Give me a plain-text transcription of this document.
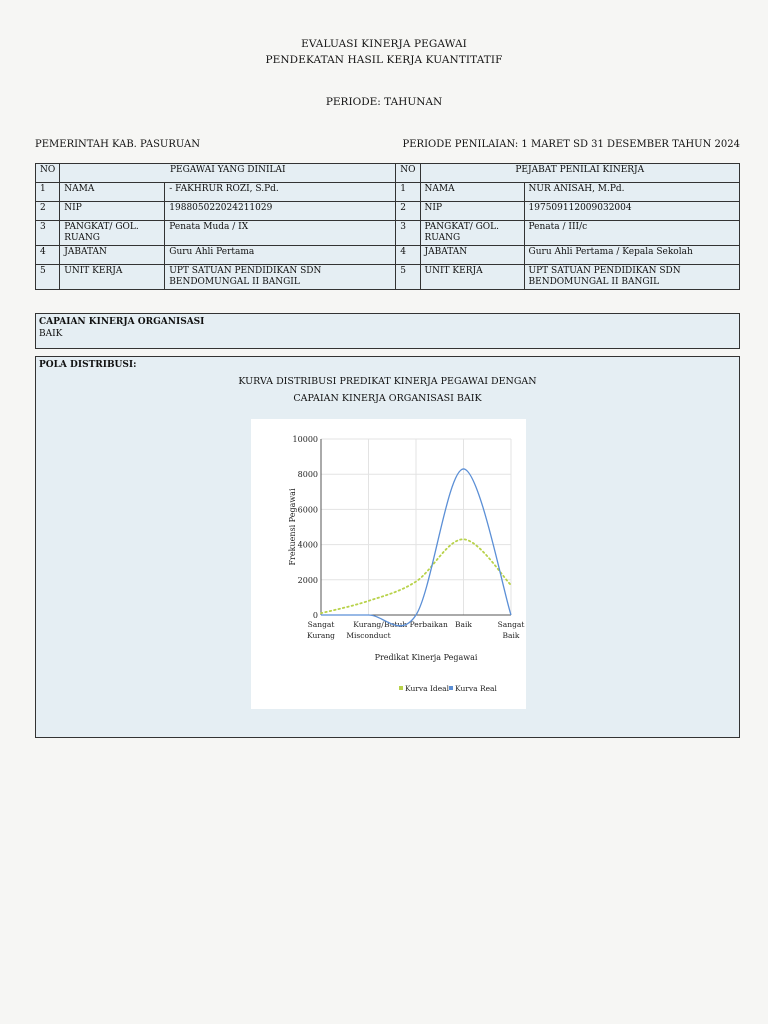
EVALUASI KINERJA PEGAWAI
PENDEKATAN HASIL KERJA KUANTITATIF
PERIODE: TAHUNAN
PEMERINTAH KAB. PASURUAN	PERIODE PENILAIAN: 1 MARET SD 31 DESEMBER TAHUN 2024
NO	PEGAWAI YANG DINILAI		NO	PEJABAT PENILAI KINERJA	
1	NAMA	- FAKHRUR ROZI, S.Pd.	1	NAMA	NUR ANISAH, M.Pd.
2	NIP	198805022024211029	2	NIP	197509112009032004
3	PANGKAT/ GOL. RUANG	Penata Muda / IX	3	PANGKAT/ GOL. RUANG	Penata / III/c
4	JABATAN	Guru Ahli Pertama	4	JABATAN	Guru Ahli Pertama / Kepala Sekolah
5	UNIT KERJA	UPT SATUAN PENDIDIKAN SDN BENDOMUNGAL II BANGIL	5	UNIT KERJA	UPT SATUAN PENDIDIKAN SDN BENDOMUNGAL II BANGIL
CAPAIAN KINERJA ORGANISASI
BAIK
POLA DISTRIBUSI:
KURVA DISTRIBUSI PREDIKAT KINERJA PEGAWAI DENGAN
CAPAIAN KINERJA ORGANISASI BAIK
0
2000
4000
6000
8000
10000
Sangat
Kurang
Kurang/
Misconduct
Butuh Perbaikan Baik	Sangat
Baik
Predikat Kinerja Pegawai
Frekuensi Pegawai
Kurva Ideal Kurva Real
